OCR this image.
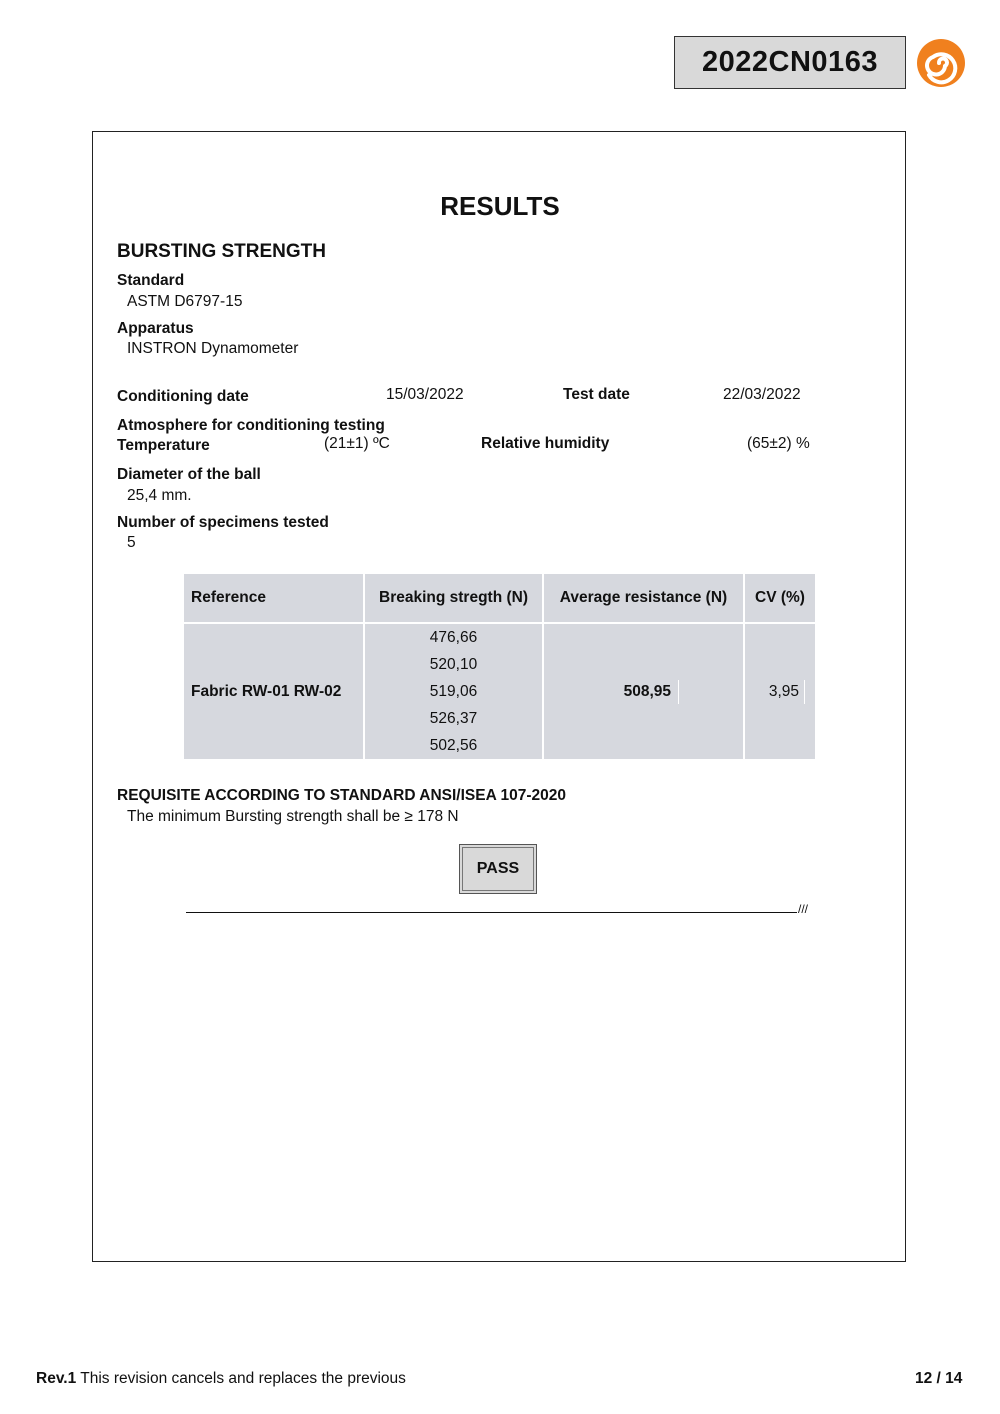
2022CN0163
RESULTS
BURSTING STRENGTH
Standard
ASTM D6797-15
Apparatus
INSTRON Dynamometer
Conditioning date	15/03/2022	Test date	22/03/2022
Atmosphere for conditioning testing
Temperature	(21±1) ºC	Relative humidity	(65±2) %
Diameter of the ball
25,4 mm.
Number of specimens tested
5
Reference	Breaking stregth (N)	Average resistance (N)	CV (%)
Fabric RW-01 RW-02	476,66
520,10
519,06
526,37
502,56	508,95	3,95
REQUISITE ACCORDING TO STANDARD ANSI/ISEA 107-2020
The minimum Bursting strength shall be ≥ 178 N
PASS
///
Rev.1 This revision cancels and replaces the previous	12 / 14
